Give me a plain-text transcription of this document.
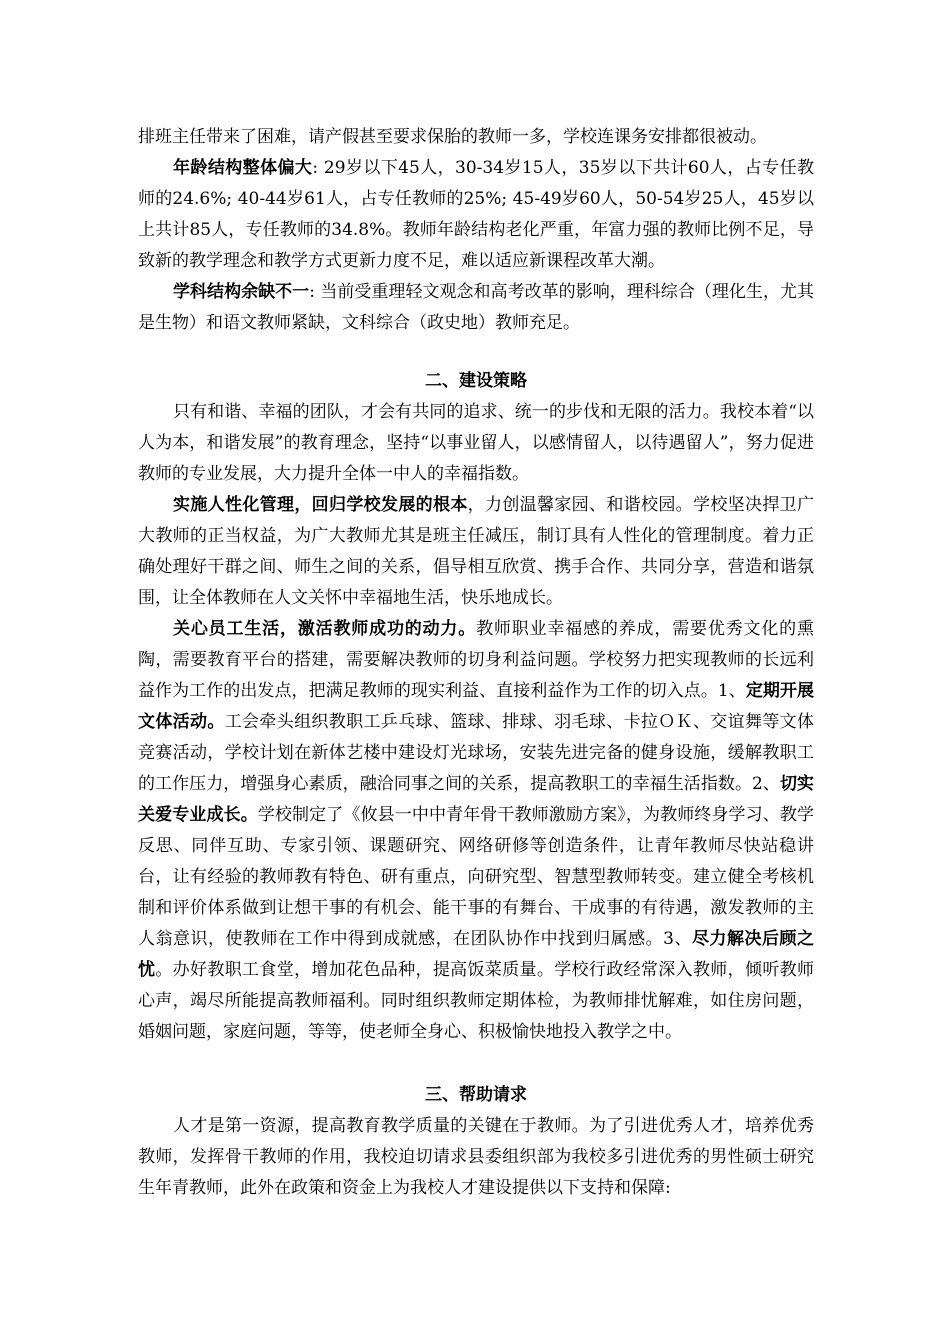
排班主任带来了困难，请产假甚至要求保胎的教师一多，学校连课务安排都很被动。

年龄结构整体偏大: 29岁以下45人，30-34岁15人，35岁以下共计60人，占专任教师的24.6%; 40-44岁61人，占专任教师的25%; 45-49岁60人，50-54岁25人，45岁以上共计85人，专任教师的34.8%。教师年龄结构老化严重，年富力强的教师比例不足，导致新的教学理念和教学方式更新力度不足，难以适应新课程改革大潮。

学科结构余缺不一: 当前受重理轻文观念和高考改革的影响，理科综合（理化生，尤其是生物）和语文教师紧缺，文科综合（政史地）教师充足。

二、建设策略

只有和谐、幸福的团队，才会有共同的追求、统一的步伐和无限的活力。我校本着“以人为本，和谐发展”的教育理念，坚持“以事业留人，以感情留人，以待遇留人”，努力促进教师的专业发展，大力提升全体一中人的幸福指数。

实施人性化管理，回归学校发展的根本，力创温馨家园、和谐校园。学校坚决捍卫广大教师的正当权益，为广大教师尤其是班主任减压，制订具有人性化的管理制度。着力正确处理好干群之间、师生之间的关系，倡导相互欣赏、携手合作、共同分享，营造和谐氛围，让全体教师在人文关怀中幸福地生活，快乐地成长。

关心员工生活，激活教师成功的动力。教师职业幸福感的养成，需要优秀文化的熏陶，需要教育平台的搭建，需要解决教师的切身利益问题。学校努力把实现教师的长远利益作为工作的出发点，把满足教师的现实利益、直接利益作为工作的切入点。1、定期开展文体活动。工会牵头组织教职工乒乓球、篮球、排球、羽毛球、卡拉ＯＫ、交谊舞等文体竞赛活动，学校计划在新体艺楼中建设灯光球场，安装先进完备的健身设施，缓解教职工的工作压力，增强身心素质，融洽同事之间的关系，提高教职工的幸福生活指数。2、切实关爱专业成长。学校制定了《攸县一中中青年骨干教师激励方案》，为教师终身学习、教学反思、同伴互助、专家引领、课题研究、网络研修等创造条件，让青年教师尽快站稳讲台，让有经验的教师教有特色、研有重点，向研究型、智慧型教师转变。建立健全考核机制和评价体系做到让想干事的有机会、能干事的有舞台、干成事的有待遇，激发教师的主人翁意识，使教师在工作中得到成就感，在团队协作中找到归属感。3、尽力解决后顾之忧。办好教职工食堂，增加花色品种，提高饭菜质量。学校行政经常深入教师，倾听教师心声，竭尽所能提高教师福利。同时组织教师定期体检，为教师排忧解难，如住房问题，婚姻问题，家庭问题，等等，使老师全身心、积极愉快地投入教学之中。

三、帮助请求

人才是第一资源，提高教育教学质量的关键在于教师。为了引进优秀人才，培养优秀教师，发挥骨干教师的作用，我校迫切请求县委组织部为我校多引进优秀的男性硕士研究生年青教师，此外在政策和资金上为我校人才建设提供以下支持和保障:
